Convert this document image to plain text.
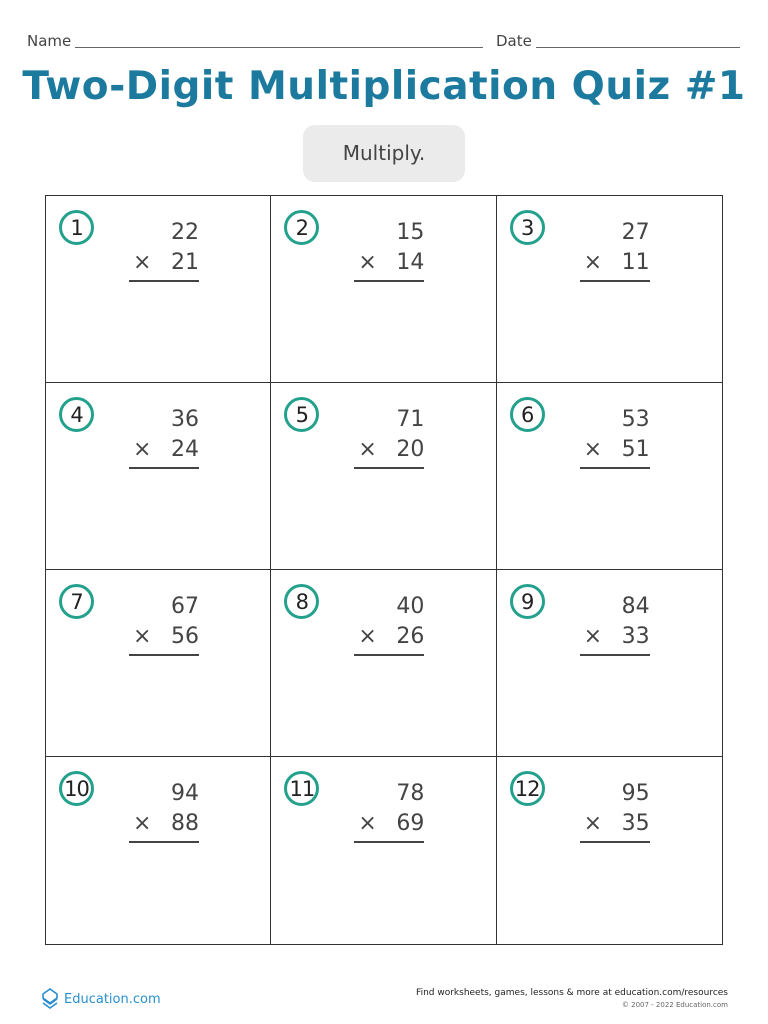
Name	Date
Two-Digit Multiplication Quiz #1
Multiply.
1	22
× 21
2	15
× 14
3	27
× 11
4	36
× 24
5	71
× 20
6	53
× 51
7	67
× 56
8	40
× 26
9	84
× 33
10	94
× 88
11	78
× 69
12	95
× 35
Education.com	Find worksheets, games, lessons & more at education.com/resources
© 2007 - 2022 Education.com
